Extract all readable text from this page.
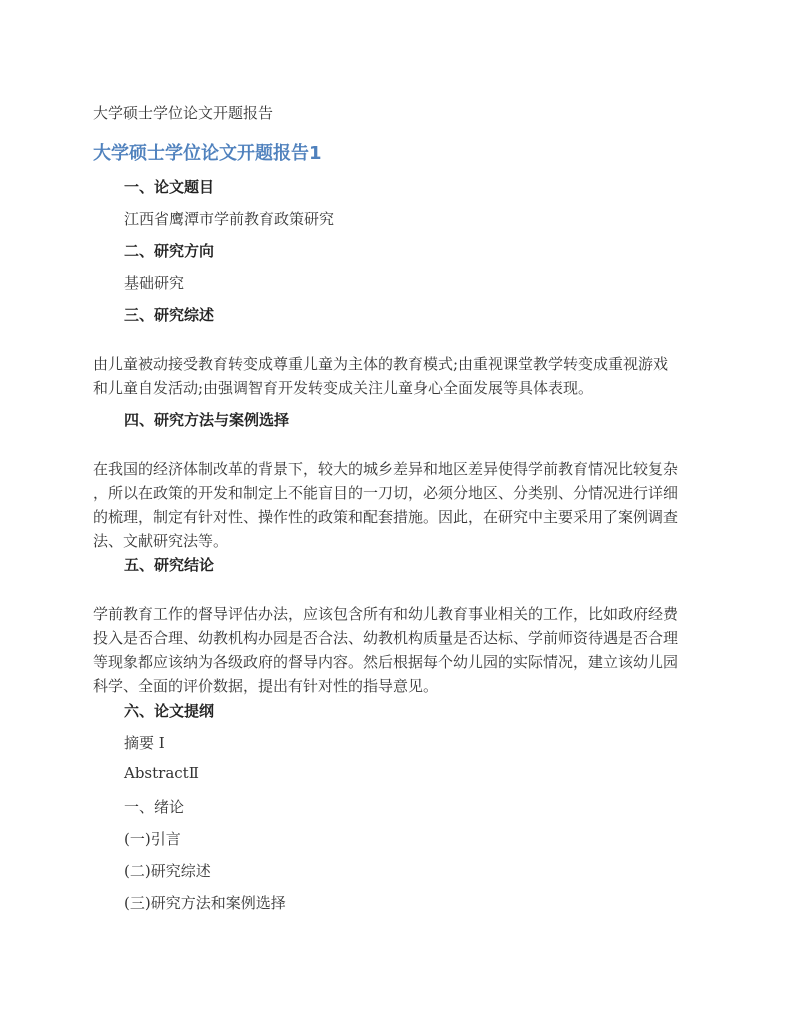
大学硕士学位论文开题报告
大学硕士学位论文开题报告1
一、论文题目
江西省鹰潭市学前教育政策研究
二、研究方向
基础研究
三、研究综述
由儿童被动接受教育转变成尊重儿童为主体的教育模式;由重视课堂教学转变成重视游戏
和儿童自发活动;由强调智育开发转变成关注儿童身心全面发展等具体表现。
四、研究方法与案例选择
在我国的经济体制改革的背景下，较大的城乡差异和地区差异使得学前教育情况比较复杂
，所以在政策的开发和制定上不能盲目的一刀切，必须分地区、分类别、分情况进行详细
的梳理，制定有针对性、操作性的政策和配套措施。因此，在研究中主要采用了案例调查
法、文献研究法等。
五、研究结论
学前教育工作的督导评估办法，应该包含所有和幼儿教育事业相关的工作，比如政府经费
投入是否合理、幼教机构办园是否合法、幼教机构质量是否达标、学前师资待遇是否合理
等现象都应该纳为各级政府的督导内容。然后根据每个幼儿园的实际情况，建立该幼儿园
科学、全面的评价数据，提出有针对性的指导意见。
六、论文提纲
摘要 I
AbstractⅡ
一、绪论
(一)引言
(二)研究综述
(三)研究方法和案例选择
